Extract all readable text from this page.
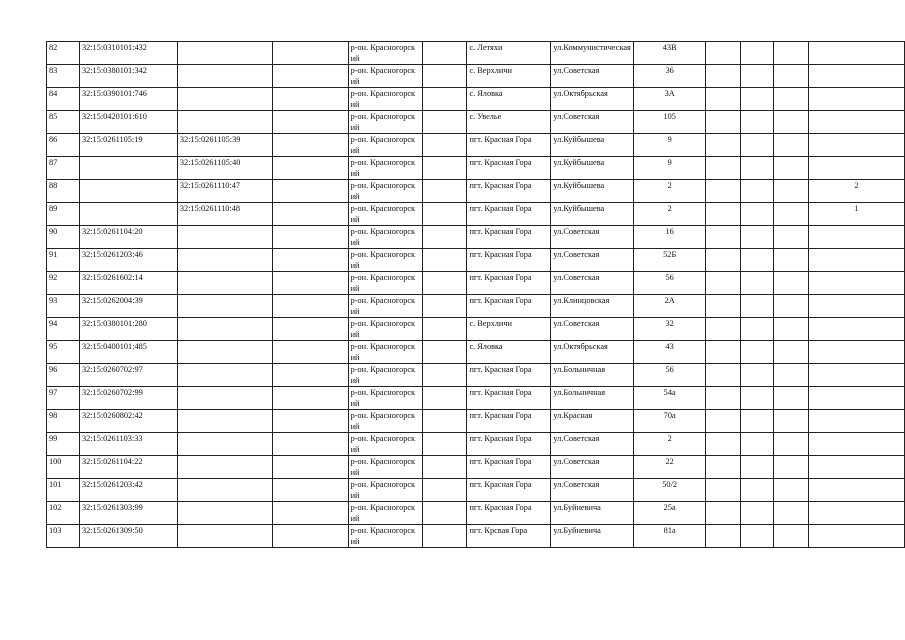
82	32:15:0310101:432			р-он. Красногорский		с. Летяхи	ул.Коммунистическая	43В				
83	32:15:0380101:342			р-он. Красногорский		с. Верхличи	ул.Советская	36				
84	32:15:0390101:746			р-он. Красногорский		с. Яловка	ул.Октябрьская	3А				
85	32:15:0420101:610			р-он. Красногорский		с. Увелье	ул.Советская	105				
86	32:15:0261105:19	32:15:0261105:39		р-он. Красногорский		пгт. Красная Гора	ул.Куйбышева	9				
87		32:15:0261105:40		р-он. Красногорский		пгт. Красная Гора	ул.Куйбышева	9				
88		32:15:0261110:47		р-он. Красногорский		пгт. Красная Гора	ул.Куйбышева	2				2
89		32:15:0261110:48		р-он. Красногорский		пгт. Красная Гора	ул.Куйбышева	2				1
90	32:15:0261104:20			р-он. Красногорский		пгт. Красная Гора	ул.Советская	16				
91	32:15:0261203:46			р-он. Красногорский		пгт. Красная Гора	ул.Советская	52Б				
92	32:15:0261602:14			р-он. Красногорский		пгт. Красная Гора	ул.Советская	56				
93	32:15:0262004:39			р-он. Красногорский		пгт. Красная Гора	ул.Клинцовская	2А				
94	32:15:0380101:280			р-он. Красногорский		с. Верхличи	ул.Советская	32				
95	32:15:0400101:485			р-он. Красногорский		с. Яловка	ул.Октябрьская	43				
96	32:15:0260702:97			р-он. Красногорский		пгт. Красная Гора	ул.Больничная	56				
97	32:15:0260702:99			р-он. Красногорский		пгт. Красная Гора	ул.Больничная	54а				
98	32:15:0260802:42			р-он. Красногорский		пгт. Красная Гора	ул.Красная	70а				
99	32:15:0261103:33			р-он. Красногорский		пгт. Красная Гора	ул.Советская	2				
100	32:15:0261104:22			р-он. Красногорский		пгт. Красная Гора	ул.Советская	22				
101	32:15:0261203:42			р-он. Красногорский		пгт. Красная Гора	ул.Советская	50/2				
102	32:15:0261303:99			р-он. Красногорский		пгт. Красная Гора	ул.Буйневича	25а				
103	32:15:0261309:50			р-он. Красногорский		пгт. Крсвая Гора	ул.Буйневича	81а				
